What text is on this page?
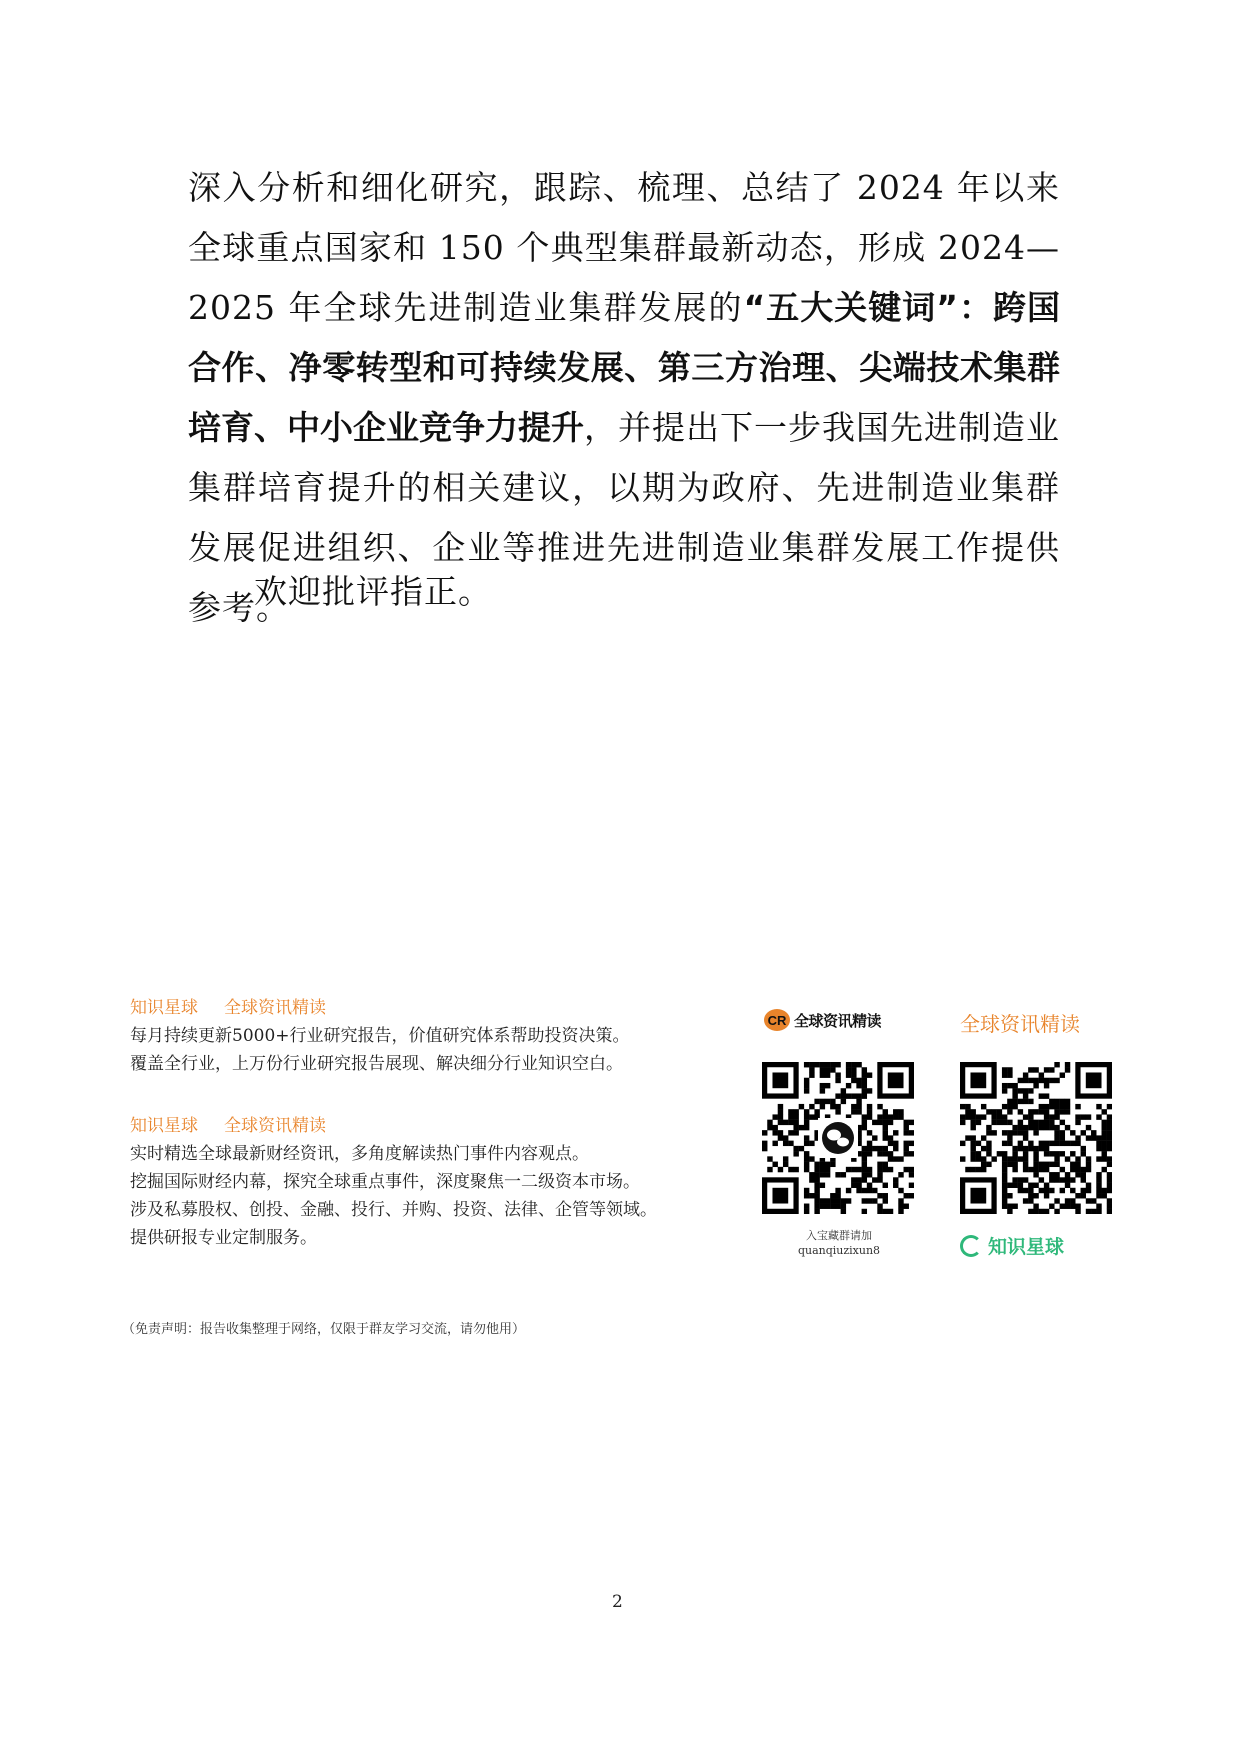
深入分析和细化研究，跟踪、梳理、总结了 2024 年以来全球重点国家和 150 个典型集群最新动态，形成 2024—2025 年全球先进制造业集群发展的“五大关键词”：跨国合作、净零转型和可持续发展、第三方治理、尖端技术集群培育、中小企业竞争力提升，并提出下一步我国先进制造业集群培育提升的相关建议，以期为政府、先进制造业集群发展促进组织、企业等推进先进制造业集群发展工作提供参考。

欢迎批评指正。
知识星球 全球资讯精读
每月持续更新5000+行业研究报告，价值研究体系帮助投资决策。
覆盖全行业，上万份行业研究报告展现、解决细分行业知识空白。
知识星球 全球资讯精读
实时精选全球最新财经资讯，多角度解读热门事件内容观点。
挖掘国际财经内幕，探究全球重点事件，深度聚焦一二级资本市场。
涉及私募股权、创投、金融、投行、并购、投资、法律、企管等领域。
提供研报专业定制服务。
（免责声明：报告收集整理于网络，仅限于群友学习交流，请勿他用）
CR 全球资讯精读	全球资讯精读
入宝藏群请加
quanqiuzixun8	知识星球
2
